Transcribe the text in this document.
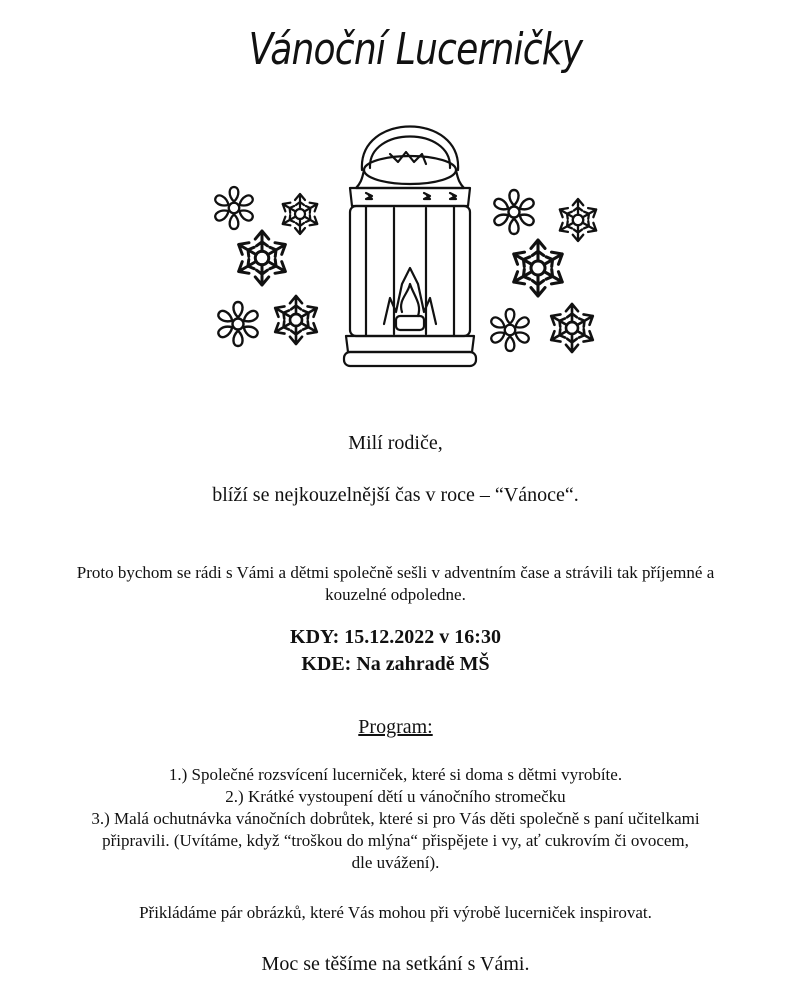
Vánoční Lucerničky

Milí rodiče,

blíží se nejkouzelnější čas v roce – “Vánoce“.

Proto bychom se rádi s Vámi a dětmi společně sešli v adventním čase a strávili tak příjemné a kouzelné odpoledne.

KDY: 15.12.2022 v 16:30

KDE: Na zahradě MŠ

Program:

1.) Společné rozsvícení lucerniček, které si doma s dětmi vyrobíte.
2.) Krátké vystoupení dětí u vánočního stromečku
3.) Malá ochutnávka vánočních dobrůtek, které si pro Vás děti společně s paní učitelkami připravili. (Uvítáme, když “troškou do mlýna“ přispějete i vy, ať cukrovím či ovocem, dle uvážení).

Přikládáme pár obrázků, které Vás mohou při výrobě lucerniček inspirovat.

Moc se těšíme na setkání s Vámi.
